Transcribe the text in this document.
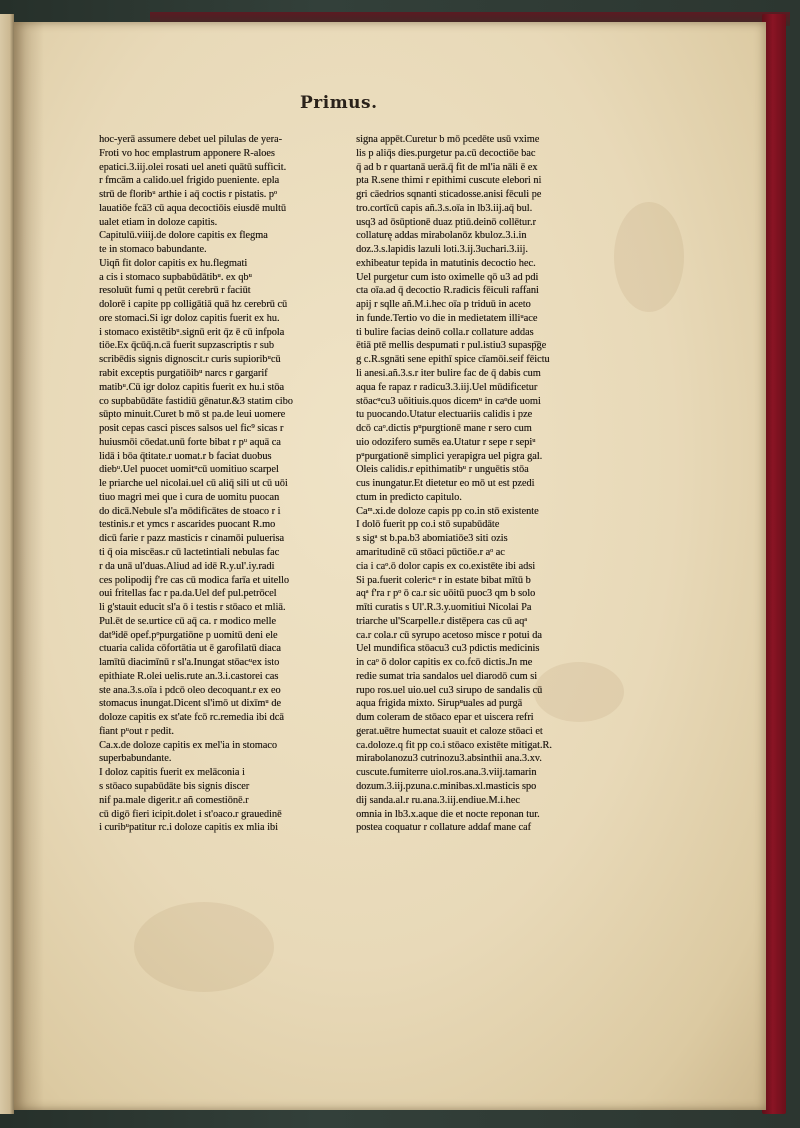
Primus.
hoc-yerā assumere debet uel pilulas de yera-
Froti vo hoc emplastrum apponere R-aloes
epatici.3.iij.olei rosati uel aneti quātū sufficit.
r fmcām a calido.uel frigido pueniente. epla
strū de floribᵘ arthie i aq̄ coctis r pistatis. pᵒ
lauatiōe fcā3 cū aqua decoctiōis eiusdē multū
ualet etiam in doloze capitis.
Capitulū.viiij.de dolore capitis ex flegma
te in stomaco babundante.
Uiqñ fit dolor capitis ex hu.flegmati
a cis i stomaco supbabūdātibᵘ. ex qbᵘ
resoluūt fumi q petūt cerebrū r faciūt
dolorē i capite pp colligātiā quā hz cerebrū cū
ore stomaci.Si igr doloz capitis fuerit ex hu.
i stomaco existētibᵘ.signū erit q̄z ē cū infpola
tiōe.Ex q̄cūq̄.n.cā fuerit supzascriptis r sub
scribēdis signis dignoscit.r curis supioribᵘcū
rabit exceptis purgatiōibᵘ narcs r gargarif
matibᵘ.Cū igr doloz capitis fuerit ex hu.i stōa
co supbabūdāte fastidiū gēnatur.&3 statim cibo
sūpto minuit.Curet b mō st pa.de leui uomere
posit cepas casci pisces salsos uel fic⁹ sicas r
huiusmōi cōedat.unū forte bibat r pᵘ aquā ca
lidā i bōa q̄titate.r uomat.r b faciat duobus
diebᵘ.Uel puocet uomitᵘcū uomitiuo scarpel
le priarche uel nicolai.uel cū aliq̄ sili ut cū uōi
tiuo magri mei que i cura de uomitu puocan
do dicā.Nebule sl'a mōdificātes de stoaco r i
testinis.r et ymcs r ascarides puocant R.mo
dicū farie r pazz masticis r cinamōi puluerisa
ti q̄ oia miscēas.r cū lactetintiali nebulas fac
r da unā ul'duas.Aliud ad idē R.y.ul'.iy.radi
ces polipodij f're cas cū modica farīa et uitello
oui fritellas fac r pa.da.Uel def pul.petrōcel
li g'stauit educit sl'a ō i testis r stōaco et mliā.
Pul.ēt de se.urtice cū aq̄ ca. r modico melle
dat⁹idē opef.pᵒpurgatiōne p uomitū deni ele
ctuaria calida cōfortātia ut ē garofilatū diaca
lamītū diacimīnū r sl'a.Inungat stōacᵘex isto
epithiate R.olei uelis.rute an.3.i.castorei cas
ste ana.3.s.oīa i pdcō oleo decoquant.r ex eo
stomacus inungat.Dicent sl'imō ut dixīmᵘ de
doloze capitis ex st'ate fcō rc.remedia ibi dcā
fiant pᵘout r pedit.
Ca.x.de doloze capitis ex mel'ia in stomaco
superbabundante.
I doloz capitis fuerit ex melāconia i
s stōaco supabūdāte bis signis discer
nif pa.male digerit.r añ comestiōnē.r
cū digō fieri icipit.dolet i st'oaco.r grauedinē
i curibᵘpatitur rc.i doloze capitis ex mlia ibi
signa appēt.Curetur b mō pcedēte usū vxime
lis p aliq̄s dies.purgetur pa.cū decoctiōe bac
q̄ ad b r quartanā uerā.q̄ fit de ml'ia nāli ē ex
pta R.sene thimi r epithimi cuscute elebori ni
gri cāedrios sqnanti sticadosse.anisi fēculi pe
tro.cortīcū capis añ.3.s.oīa in lb3.iij.aq̄ bul.
usq3 ad ōsūptionē duaz ptiū.deinō collētur.r
collaturę addas mirabolanōz kbuloz.3.i.in
doz.3.s.lapidis lazuli loti.3.ij.3uchari.3.iij.
exhibeatur tepida in matutinis decoctio hec.
Uel purgetur cum isto oximelle qō u3 ad pdi
cta oīa.ad q̄ decoctio R.radicis fēiculi raffani
apij r sqlle añ.M.i.hec oīa p triduū in aceto
in funde.Tertio vo die in medietatem illiᵘace
ti bulire facias deinō colla.r collature addas
ētiā ptē mellis despumati r pul.istiu3 supasp͞ge
g c.R.sgnāti sene epithī spice cīamōi.seif fēictu
li anesi.añ.3.s.r iter bulire fac de q̄ dabis cum
aqua fe rapaz r radicu3.3.iij.Uel mūdificetur
stōacᵘcu3 uōitiuis.quos dicemᵘ in caᵒde uomi
tu puocando.Utatur electuariis calidis i pze
dcō caᵒ.dictis pᵘpurgtionē mane r sero cum
uio odozifero sumēs ea.Utatur r sepe r sepiᵘ
pᵘpurgationē simplici yerapigra uel pigra gal.
Oleis calidis.r epithimatibᵘ r unguētis stōa
cus inungatur.Et dietetur eo mō ut est pzedi
ctum in predicto capitulo.
Caᵐ.xi.de doloze capis pp co.in stō existente
I dolō fuerit pp co.i stō supabūdāte
s sigᵃ st b.pa.b3 abomiatiōe3 siti ozis
amaritudinē cū stōaci pūctiōe.r aᵒ ac
cia i caᵒ.ō dolor capis ex co.existēte ibi adsi
Si pa.fuerit colericᵘ r in estate bibat mītū b
aqᵃ f'ra r pᵒ ō ca.r sic uōitū puoc3 qm b solo
mīti curatis s Ul'.R.3.y.uomitiui Nicolai Pa
triarche ul'Scarpelle.r distēpera cas cū aqᵃ
ca.r cola.r cū syrupo acetoso misce r potui da
Uel mundifica stōacu3 cu3 pdictis medicinis
in caᵒ ō dolor capitis ex co.fcō dictis.Jn me
redie sumat tria sandalos uel diarodō cum si
rupo ros.uel uio.uel cu3 sirupo de sandalis cū
aqua frigida mixto. Sirupᵘuales ad purgā
dum coleram de stōaco epar et uiscera refri
gerat.uētre humectat suauit et caloze stōaci et
ca.doloze.q fit pp co.i stōaco existēte mitigat.R.
mirabolanozu3 cutrinozu3.absinthii ana.3.xv.
cuscute.fumiterre uiol.ros.ana.3.viij.tamarin
dozum.3.iij.pzuna.c.minibas.xl.masticis spo
dij sanda.al.r ru.ana.3.iij.endiue.M.i.hec
omnia in lb3.x.aque die et nocte reponan tur.
postea coquatur r collature addaf mane caf
